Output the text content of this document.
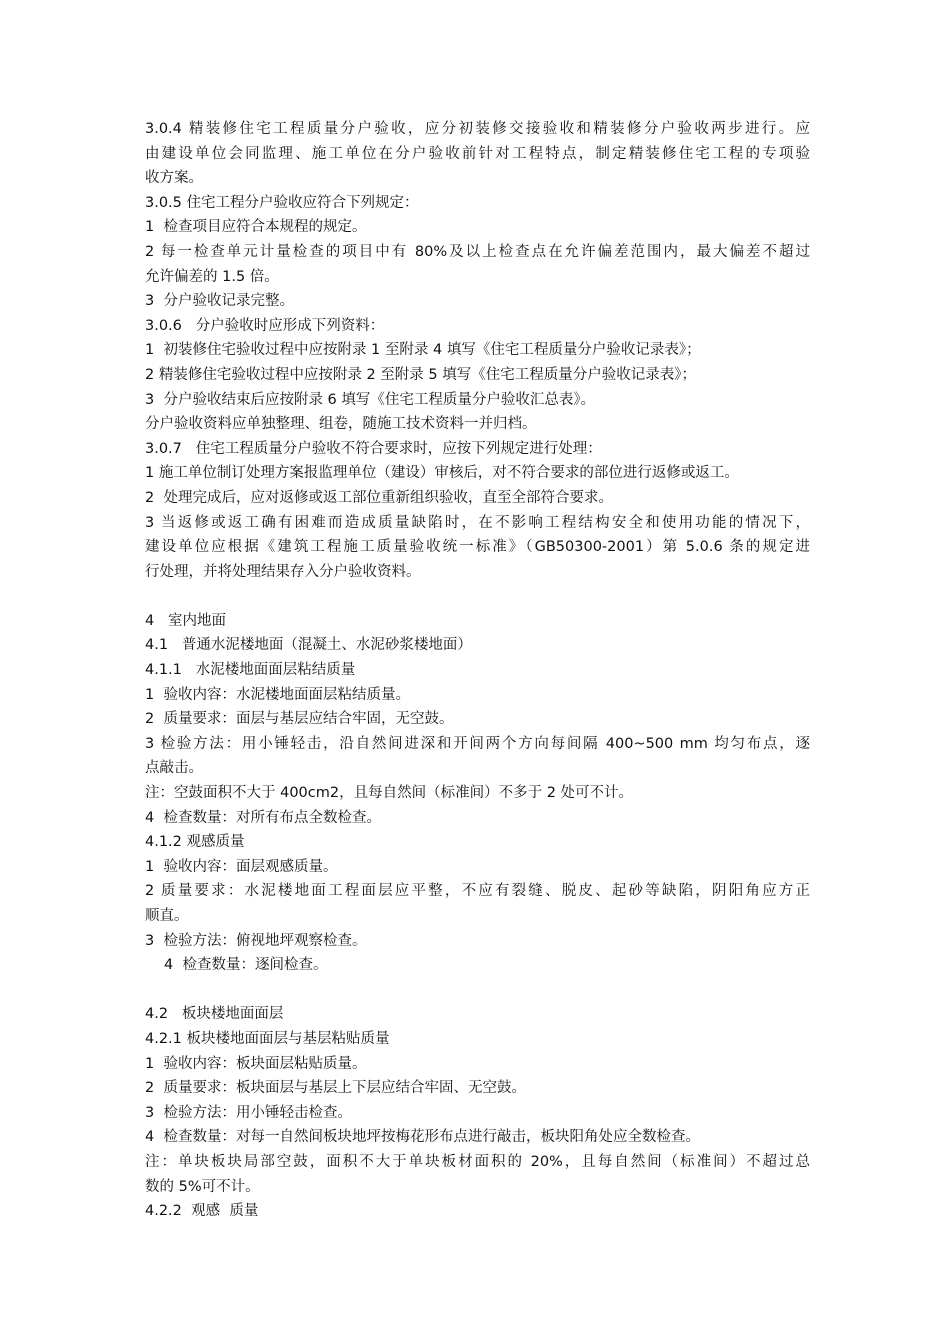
3.0.4 精装修住宅工程质量分户验收，应分初装修交接验收和精装修分户验收两步进行。应
由建设单位会同监理、施工单位在分户验收前针对工程特点，制定精装修住宅工程的专项验
收方案。
3.0.5 住宅工程分户验收应符合下列规定：
1  检查项目应符合本规程的规定。
2 每一检查单元计量检查的项目中有 80%及以上检查点在允许偏差范围内，最大偏差不超过
允许偏差的 1.5 倍。
3  分户验收记录完整。
3.0.6   分户验收时应形成下列资料：
1  初装修住宅验收过程中应按附录 1 至附录 4 填写《住宅工程质量分户验收记录表》；
2 精装修住宅验收过程中应按附录 2 至附录 5 填写《住宅工程质量分户验收记录表》；
3  分户验收结束后应按附录 6 填写《住宅工程质量分户验收汇总表》。
分户验收资料应单独整理、组卷，随施工技术资料一并归档。
3.0.7   住宅工程质量分户验收不符合要求时，应按下列规定进行处理：
1 施工单位制订处理方案报监理单位（建设）审核后，对不符合要求的部位进行返修或返工。
2  处理完成后，应对返修或返工部位重新组织验收，直至全部符合要求。
3 当返修或返工确有困难而造成质量缺陷时，在不影响工程结构安全和使用功能的情况下，
建设单位应根据《建筑工程施工质量验收统一标准》（GB50300-2001）第 5.0.6 条的规定进
行处理，并将处理结果存入分户验收资料。
4   室内地面
4.1   普通水泥楼地面（混凝土、水泥砂浆楼地面）
4.1.1   水泥楼地面面层粘结质量
1  验收内容：水泥楼地面面层粘结质量。
2  质量要求：面层与基层应结合牢固，无空鼓。
3 检验方法：用小锤轻击，沿自然间进深和开间两个方向每间隔 400~500 mm 均匀布点，逐
点敲击。
注：空鼓面积不大于 400cm2，且每自然间（标准间）不多于 2 处可不计。
4  检查数量：对所有布点全数检查。
4.1.2 观感质量
1  验收内容：面层观感质量。
2 质量要求：水泥楼地面工程面层应平整，不应有裂缝、脱皮、起砂等缺陷，阴阳角应方正
顺直。
3  检验方法：俯视地坪观察检查。
4  检查数量：逐间检查。
4.2   板块楼地面面层
4.2.1 板块楼地面面层与基层粘贴质量
1  验收内容：板块面层粘贴质量。
2  质量要求：板块面层与基层上下层应结合牢固、无空鼓。
3  检验方法：用小锤轻击检查。
4  检查数量：对每一自然间板块地坪按梅花形布点进行敲击，板块阳角处应全数检查。
注：单块板块局部空鼓，面积不大于单块板材面积的 20%，且每自然间（标准间）不超过总
数的 5%可不计。
4.2.2  观感  质量
